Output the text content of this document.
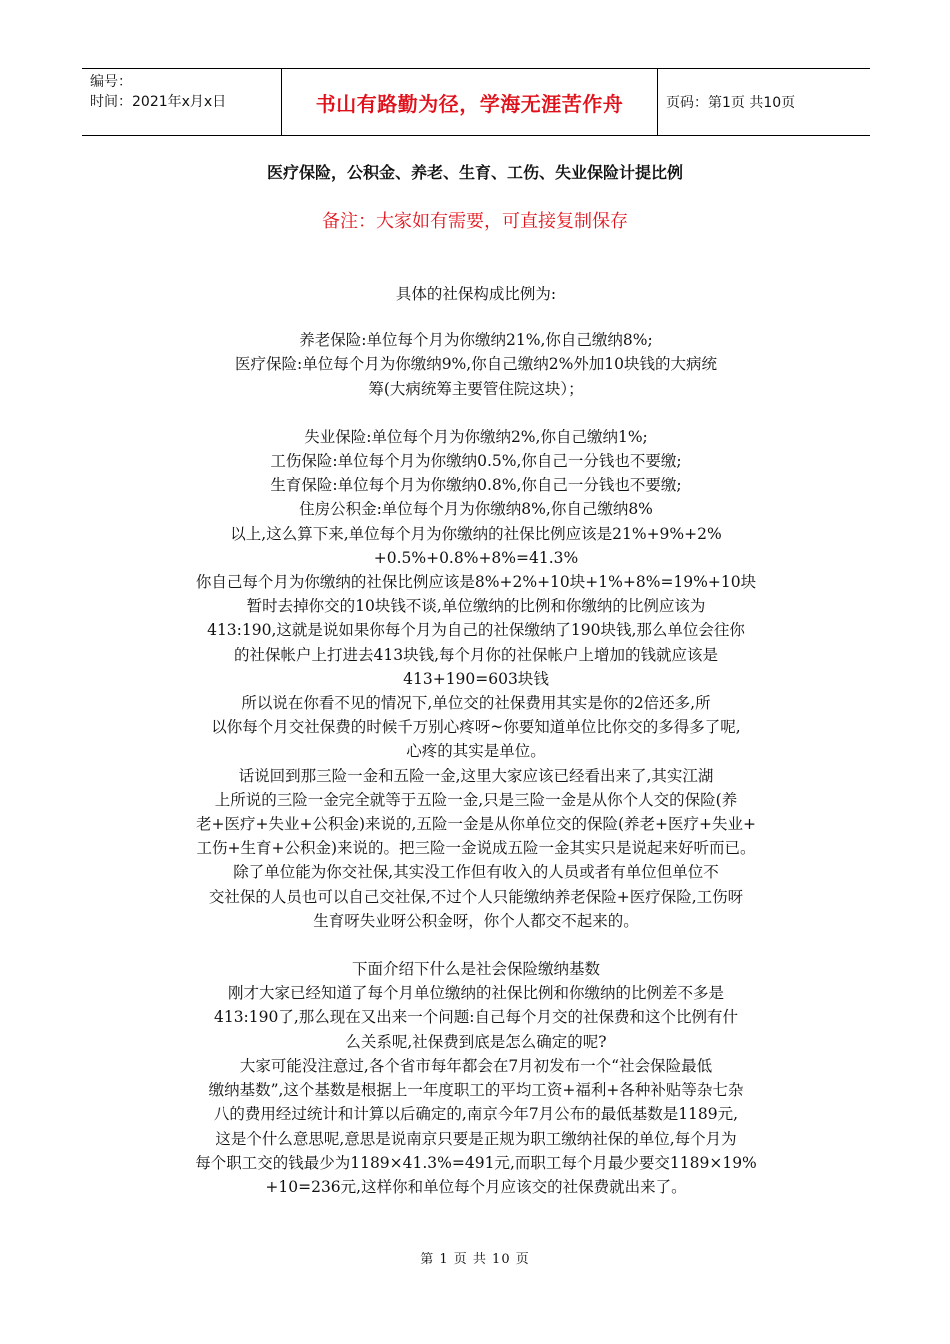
编号：
时间：2021年x月x日	书山有路勤为径，学海无涯苦作舟	页码：第1页 共10页
医疗保险，公积金、养老、生育、工伤、失业保险计提比例
备注：大家如有需要，可直接复制保存
具体的社保构成比例为:
养老保险:单位每个月为你缴纳21%,你自己缴纳8%;
医疗保险:单位每个月为你缴纳9%,你自己缴纳2%外加10块钱的大病统
筹(大病统筹主要管住院这块）；
失业保险:单位每个月为你缴纳2%,你自己缴纳1%;
工伤保险:单位每个月为你缴纳0.5%,你自己一分钱也不要缴;
生育保险:单位每个月为你缴纳0.8%,你自己一分钱也不要缴;
住房公积金:单位每个月为你缴纳8%,你自己缴纳8%
以上,这么算下来,单位每个月为你缴纳的社保比例应该是21%+9%+2%
+0.5%+0.8%+8%=41.3%
你自己每个月为你缴纳的社保比例应该是8%+2%+10块+1%+8%=19%+10块
暂时去掉你交的10块钱不谈,单位缴纳的比例和你缴纳的比例应该为
413:190,这就是说如果你每个月为自己的社保缴纳了190块钱,那么单位会往你
的社保帐户上打进去413块钱,每个月你的社保帐户上增加的钱就应该是
413+190=603块钱
所以说在你看不见的情况下,单位交的社保费用其实是你的2倍还多,所
以你每个月交社保费的时候千万别心疼呀~你要知道单位比你交的多得多了呢,
心疼的其实是单位。
话说回到那三险一金和五险一金,这里大家应该已经看出来了,其实江湖
上所说的三险一金完全就等于五险一金,只是三险一金是从你个人交的保险(养
老+医疗+失业+公积金)来说的,五险一金是从你单位交的保险(养老+医疗+失业+
工伤+生育+公积金)来说的。把三险一金说成五险一金其实只是说起来好听而已。
除了单位能为你交社保,其实没工作但有收入的人员或者有单位但单位不
交社保的人员也可以自己交社保,不过个人只能缴纳养老保险+医疗保险,工伤呀
生育呀失业呀公积金呀，你个人都交不起来的。
下面介绍下什么是社会保险缴纳基数
刚才大家已经知道了每个月单位缴纳的社保比例和你缴纳的比例差不多是
413:190了,那么现在又出来一个问题:自己每个月交的社保费和这个比例有什
么关系呢,社保费到底是怎么确定的呢?
大家可能没注意过,各个省市每年都会在7月初发布一个“社会保险最低
缴纳基数”,这个基数是根据上一年度职工的平均工资+福利+各种补贴等杂七杂
八的费用经过统计和计算以后确定的,南京今年7月公布的最低基数是1189元,
这是个什么意思呢,意思是说南京只要是正规为职工缴纳社保的单位,每个月为
每个职工交的钱最少为1189×41.3%=491元,而职工每个月最少要交1189×19%
+10=236元,这样你和单位每个月应该交的社保费就出来了。
第 1 页 共 10 页
